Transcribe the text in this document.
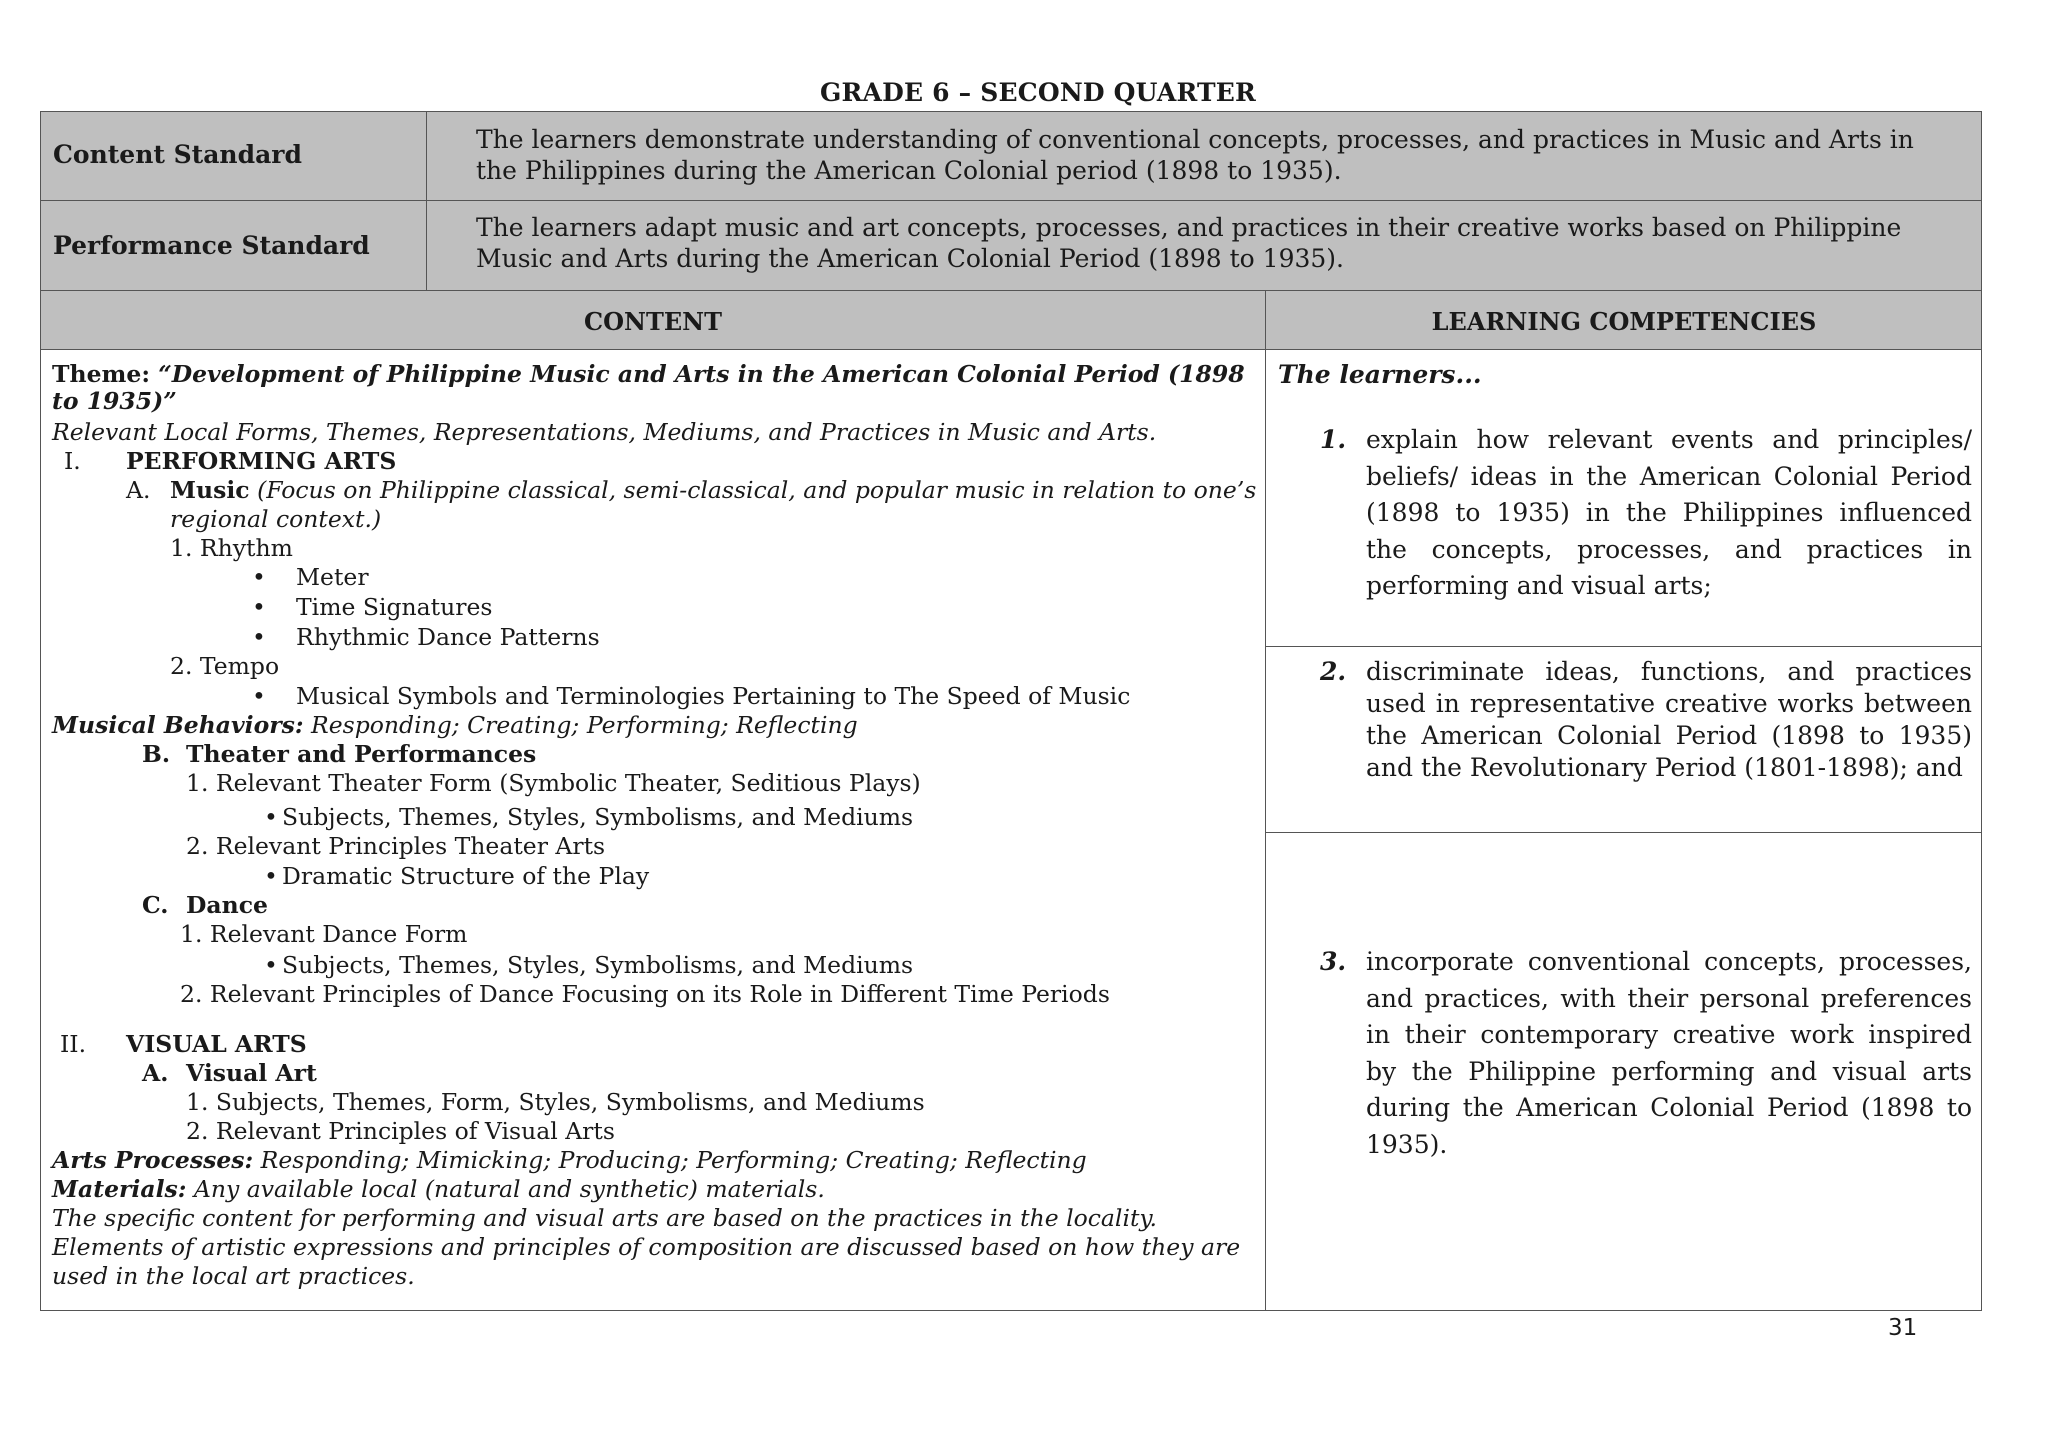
GRADE 6 – SECOND QUARTER
Content Standard
The learners demonstrate understanding of conventional concepts, processes, and practices in Music and Arts in
the Philippines during the American Colonial period (1898 to 1935).
Performance Standard
The learners adapt music and art concepts, processes, and practices in their creative works based on Philippine
Music and Arts during the American Colonial Period (1898 to 1935).
CONTENT	LEARNING COMPETENCIES
Theme: “Development of Philippine Music and Arts in the American Colonial Period (1898
to 1935)”
Relevant Local Forms, Themes, Representations, Mediums, and Practices in Music and Arts.
I. PERFORMING ARTS
A. Music (Focus on Philippine classical, semi-classical, and popular music in relation to one’s
regional context.)
1. Rhythm
• Meter
• Time Signatures
• Rhythmic Dance Patterns
2. Tempo
• Musical Symbols and Terminologies Pertaining to The Speed of Music
Musical Behaviors: Responding; Creating; Performing; Reflecting
B. Theater and Performances
1. Relevant Theater Form (Symbolic Theater, Seditious Plays)
• Subjects, Themes, Styles, Symbolisms, and Mediums
2. Relevant Principles Theater Arts
• Dramatic Structure of the Play
C. Dance
1. Relevant Dance Form
• Subjects, Themes, Styles, Symbolisms, and Mediums
2. Relevant Principles of Dance Focusing on its Role in Different Time Periods
II. VISUAL ARTS
A. Visual Art
1. Subjects, Themes, Form, Styles, Symbolisms, and Mediums
2. Relevant Principles of Visual Arts
Arts Processes: Responding; Mimicking; Producing; Performing; Creating; Reflecting
Materials: Any available local (natural and synthetic) materials.
The specific content for performing and visual arts are based on the practices in the locality.
Elements of artistic expressions and principles of composition are discussed based on how they are
used in the local art practices.
The learners...
1. explain how relevant events and principles/ beliefs/ ideas in the American Colonial Period (1898 to 1935) in the Philippines influenced the concepts, processes, and practices in performing and visual arts;
2. discriminate ideas, functions, and practices used in representative creative works between the American Colonial Period (1898 to 1935) and the Revolutionary Period (1801-1898); and
3. incorporate conventional concepts, processes, and practices, with their personal preferences in their contemporary creative work inspired by the Philippine performing and visual arts during the American Colonial Period (1898 to 1935).
31
